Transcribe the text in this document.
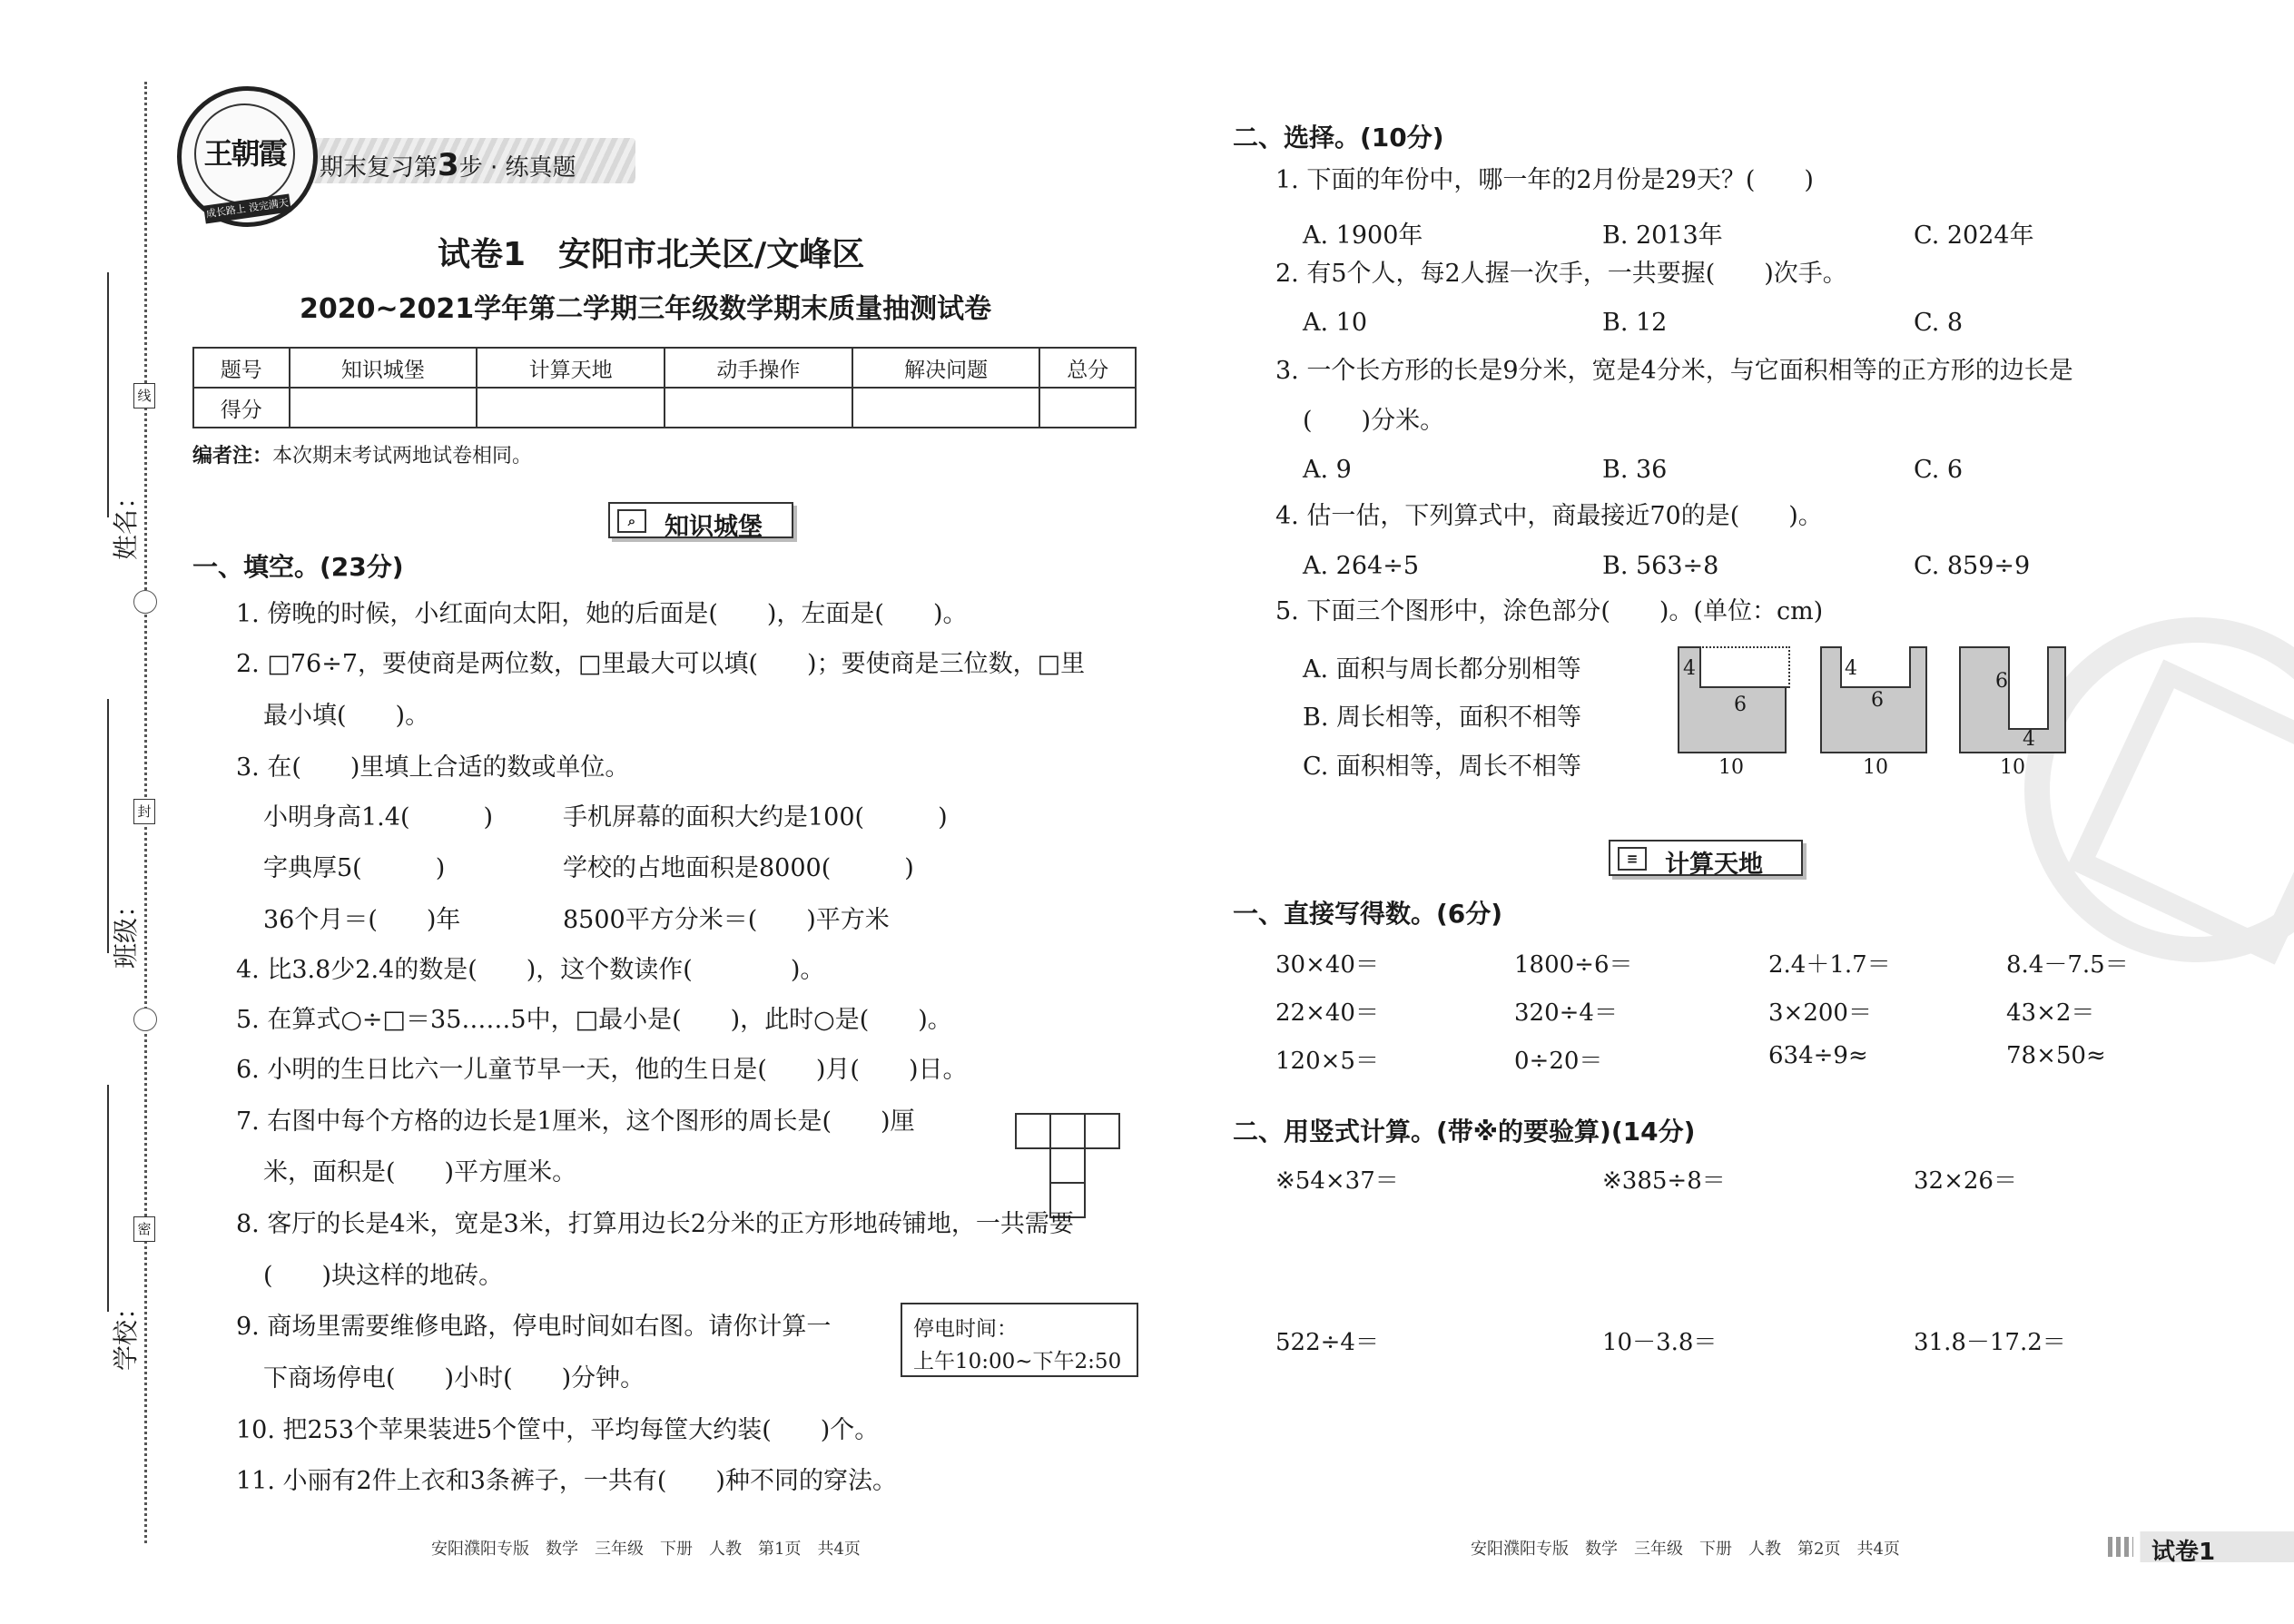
姓名：
班级：
学校：
线
封
密
期末复习第3步 · 练真题
王朝霞
成长路上 没完满天
试卷1　安阳市北关区/文峰区
2020~2021学年第二学期三年级数学期末质量抽测试卷
题号	知识城堡	计算天地	动手操作	解决问题	总分
得分					
编者注：本次期末考试两地试卷相同。
⌕	知识城堡
一、填空。(23分)
1. 傍晚的时候，小红面向太阳，她的后面是(　　)，左面是(　　)。
2. □76÷7，要使商是两位数，□里最大可以填(　　)；要使商是三位数，□里
最小填(　　)。
3. 在(　　)里填上合适的数或单位。
小明身高1.4(　　　)	手机屏幕的面积大约是100(　　　)
字典厚5(　　　)	学校的占地面积是8000(　　　)
36个月＝(　　)年	8500平方分米＝(　　)平方米
4. 比3.8少2.4的数是(　　)，这个数读作(　　　　)。
5. 在算式○÷□＝35……5中，□最小是(　　)，此时○是(　　)。
6. 小明的生日比六一儿童节早一天，他的生日是(　　)月(　　)日。
7. 右图中每个方格的边长是1厘米，这个图形的周长是(　　)厘
米，面积是(　　)平方厘米。
8. 客厅的长是4米，宽是3米，打算用边长2分米的正方形地砖铺地，一共需要
(　　)块这样的地砖。
9. 商场里需要维修电路，停电时间如右图。请你计算一
下商场停电(　　)小时(　　)分钟。
停电时间：
上午10:00~下午2:50
10. 把253个苹果装进5个筐中，平均每筐大约装(　　)个。
11. 小丽有2件上衣和3条裤子，一共有(　　)种不同的穿法。
安阳濮阳专版　数学　三年级　下册　人教　第1页　共4页
二、选择。(10分)
1. 下面的年份中，哪一年的2月份是29天？(　　)
A. 1900年	B. 2013年	C. 2024年
2. 有5个人，每2人握一次手，一共要握(　　)次手。
A. 10	B. 12	C. 8
3. 一个长方形的长是9分米，宽是4分米，与它面积相等的正方形的边长是
(　　)分米。
A. 9	B. 36	C. 6
4. 估一估，下列算式中，商最接近70的是(　　)。
A. 264÷5	B. 563÷8	C. 859÷9
5. 下面三个图形中，涂色部分(　　)。(单位：cm)
A. 面积与周长都分别相等
B. 周长相等，面积不相等
C. 面积相等，周长不相等
4
6
10
4
6
10
6
4
10
≡	计算天地
一、直接写得数。(6分)
30×40＝	1800÷6＝	2.4＋1.7＝	8.4－7.5＝
22×40＝	320÷4＝	3×200＝	43×2＝
120×5＝	0÷20＝	634÷9≈	78×50≈
二、用竖式计算。(带※的要验算)(14分)
※54×37＝	※385÷8＝	32×26＝
522÷4＝	10－3.8＝	31.8－17.2＝
安阳濮阳专版　数学　三年级　下册　人教　第2页　共4页	试卷1
